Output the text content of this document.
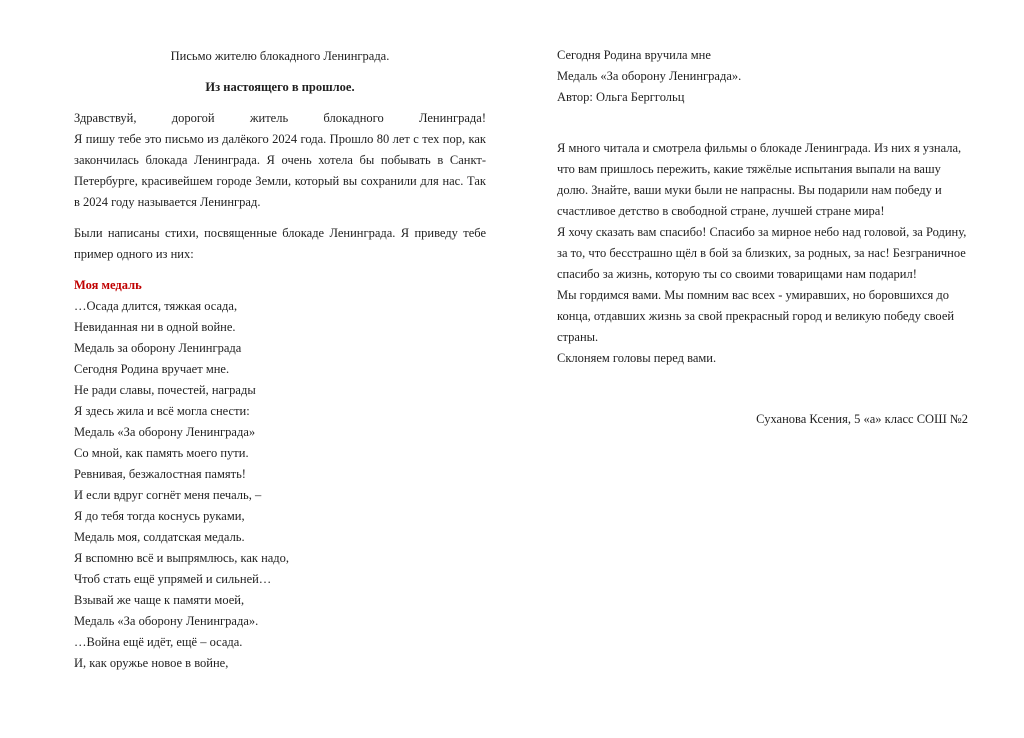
Письмо жителю блокадного Ленинграда.
Из настоящего в прошлое.
Здравствуй, дорогой житель блокадного Ленинграда!
Я пишу тебе это письмо из далёкого 2024 года. Прошло 80 лет с тех пор, как
закончилась блокада Ленинграда. Я очень хотела бы побывать в Санкт-
Петербурге, красивейшем городе Земли, который вы сохранили для нас. Так
в 2024 году называется Ленинград.
Были написаны стихи, посвященные блокаде Ленинграда. Я приведу тебе
пример одного из них:
Моя медаль
…Осада длится, тяжкая осада,
Невиданная ни в одной войне.
Медаль за оборону Ленинграда
Сегодня Родина вручает мне.
Не ради славы, почестей, награды
Я здесь жила и всё могла снести:
Медаль «За оборону Ленинграда»
Со мной, как память моего пути.
Ревнивая, безжалостная память!
И если вдруг согнёт меня печаль, –
Я до тебя тогда коснусь руками,
Медаль моя, солдатская медаль.
Я вспомню всё и выпрямлюсь, как надо,
Чтоб стать ещё упрямей и сильней…
Взывай же чаще к памяти моей,
Медаль «За оборону Ленинграда».
…Война ещё идёт, ещё – осада.
И, как оружье новое в войне,
Сегодня Родина вручила мне
Медаль «За оборону Ленинграда».
Автор: Ольга Берггольц
Я много читала и смотрела фильмы о блокаде Ленинграда. Из них я узнала,
что вам пришлось пережить, какие тяжёлые испытания выпали на вашу
долю. Знайте, ваши муки были не напрасны. Вы подарили нам победу и
счастливое детство в свободной стране, лучшей стране мира!
Я хочу сказать вам спасибо! Спасибо за мирное небо над головой, за Родину,
за то, что бесстрашно щёл в бой за близких, за родных, за нас! Безграничное
спасибо за жизнь, которую ты со своими товарищами нам подарил!
Мы гордимся вами. Мы помним вас всех - умиравших, но боровшихся до
конца, отдавших жизнь за свой прекрасный город и великую победу своей
страны.
Склоняем головы перед вами.
Суханова Ксения, 5 «а» класс СОШ №2
